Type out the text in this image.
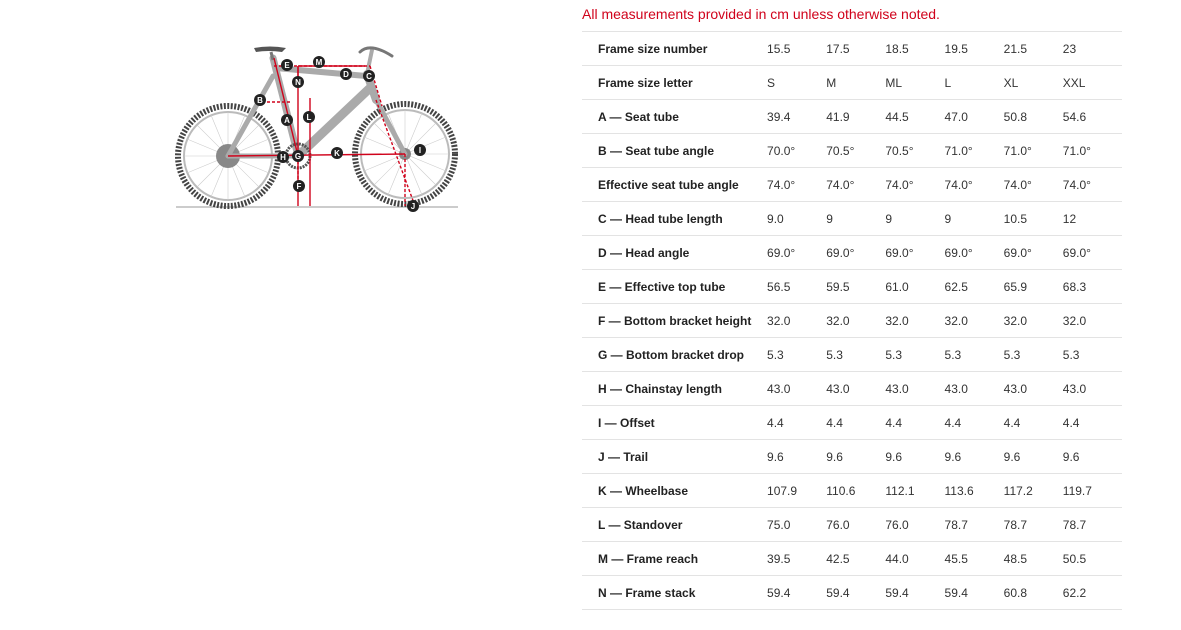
A
B
C
D
E
F
G
H
I
J
K
L
M
N
All measurements provided in cm unless otherwise noted.
Frame size number	15.5	17.5	18.5	19.5	21.5	23
Frame size letter	S	M	ML	L	XL	XXL
A — Seat tube	39.4	41.9	44.5	47.0	50.8	54.6
B — Seat tube angle	70.0°	70.5°	70.5°	71.0°	71.0°	71.0°
Effective seat tube angle	74.0°	74.0°	74.0°	74.0°	74.0°	74.0°
C — Head tube length	9.0	9	9	9	10.5	12
D — Head angle	69.0°	69.0°	69.0°	69.0°	69.0°	69.0°
E — Effective top tube	56.5	59.5	61.0	62.5	65.9	68.3
F — Bottom bracket height	32.0	32.0	32.0	32.0	32.0	32.0
G — Bottom bracket drop	5.3	5.3	5.3	5.3	5.3	5.3
H — Chainstay length	43.0	43.0	43.0	43.0	43.0	43.0
I — Offset	4.4	4.4	4.4	4.4	4.4	4.4
J — Trail	9.6	9.6	9.6	9.6	9.6	9.6
K — Wheelbase	107.9	110.6	112.1	113.6	117.2	119.7
L — Standover	75.0	76.0	76.0	78.7	78.7	78.7
M — Frame reach	39.5	42.5	44.0	45.5	48.5	50.5
N — Frame stack	59.4	59.4	59.4	59.4	60.8	62.2
